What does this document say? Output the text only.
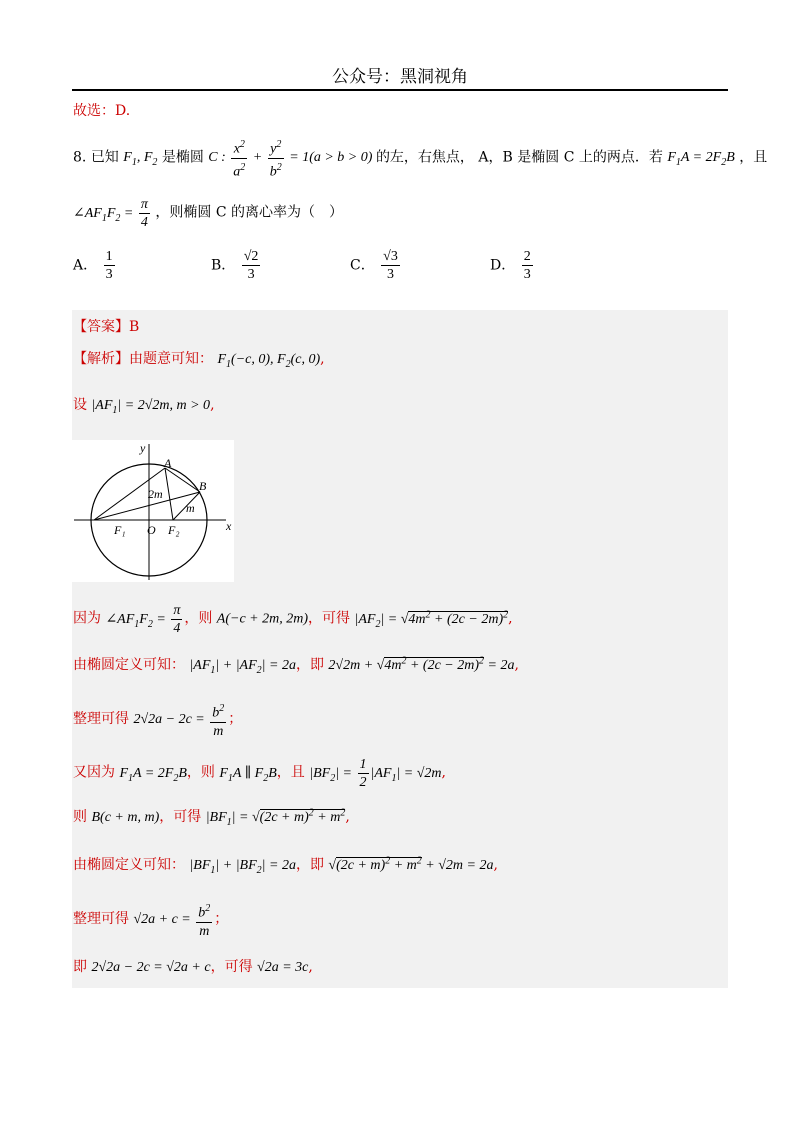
公众号：黑洞视角
故选：D.
8. 已知 $F_1$, $F_2$ 是椭圆 C : $\frac{x^2}{a^2} + \frac{y^2}{b^2} = 1(a > b > 0)$ 的左，右焦点， A，B 是椭圆 C 上的两点．若 $F_1A = 2F_2B$ ，且
$\angle AF_1F_2 = \frac{\pi}{4}$ ，则椭圆 C 的离心率为（　）
A． $\frac{1}{3}$	B． $\frac{√2}{3}$	C． $\frac{√3}{3}$	D． $\frac{2}{3}$
【答案】B
【解析】由题意可知： $F_1(-c$, 0), $F_2(c$, 0),
设 $|AF_1| = 2√2m$, m > 0,
y
x
A
B
2m
m
F₁ O F₂
因为 $\angle AF_1F_2 = \frac{\pi}{4}$ ，则 A(−c + 2m, 2m)，可得 $|AF_2| = √4m^2 + (2c - 2m)^2$,
由椭圆定义可知： $|AF_1| + |AF_2| = 2a$，即 $2√2m + √4m^2 + (2c - 2m)^2 = 2a$,
整理可得 $2√2a - 2c = \frac{b^2}{m}$ ；
又因为 $F_1A = 2F_2B$，则 $F_1A$ ∥ $F_2B$，且 $|BF_2| = \frac{1}{2} |AF_1| = √2m$,
则 B(c + m, m)，可得 $|BF_1| = √(2c + m)^2 + m^2$,
由椭圆定义可知： $|BF_1| + |BF_2| = 2a$，即 $√(2c + m)^2 + m^2 + √2m = 2a$,
整理可得 $√2a + c = \frac{b^2}{m}$ ；
即 2√2a − 2c = √2a + c，可得 √2a = 3c,
